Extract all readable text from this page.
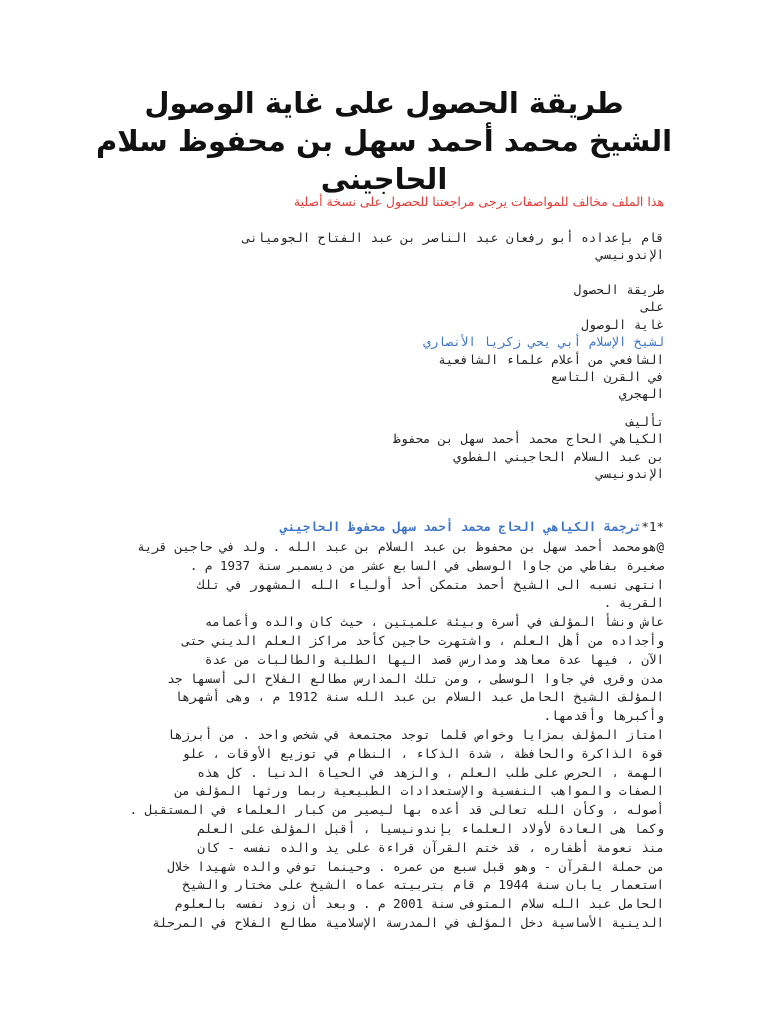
طريقة الحصول على غاية الوصول
الشيخ محمد أحمد سهل بن محفوظ سلام
الحاجينى
هذا الملف مخالف للمواصفات يرجى مراجعتنا للحصول على نسخة أصلية
قام بإعداده أبو رفعان عبد الناصر بن عبد الفتاح الجوميانى
الإندونيسي
طريقة الحصول
على
غاية الوصول
لشيخ الإسلام أبي يحي زكريا الأنصاري
الشافعي من أعلام علماء الشافعية
في القرن التاسع
الهجري
تأليف
الكياهي الحاج محمد أحمد سهل بن محفوظ
بن عبد السلام الحاجيني الفطوي
الإندونيسي
*1*ترجمة الكياهي الحاج محمد أحمد سهل محفوظ الحاجيني
@هومحمد أحمد سهل بن محفوظ بن عبد السلام بن عبد الله . ولد في حاجين قرية
صغيرة بفاطي من جاوا الوسطى في السابع عشر من ديسمبر سنة 1937 م .
انتهى نسبه الى الشيخ أحمد متمكن أحد أولياء الله المشهور في تلك
القرية .
عاش ونشأ المؤلف في أسرة وبيئة علميتين ، حيث كان والده وأعمامه
وأجداده من أهل العلم ، واشتهرت حاجين كأحد مراكز العلم الديني حتى
الآن ، فيها عدة معاهد ومدارس قصد اليها الطلبة والطالبات من عدة
مدن وقرى في جاوا الوسطى ، ومن تلك المدارس مطالع الفلاح الى أسسها جد
المؤلف الشيخ الحامل عبد السلام بن عبد الله سنة 1912 م ، وهى أشهرها
وأكبرها وأقدمها.
امتاز المؤلف بمزايا وخواص قلما توجد مجتمعة في شخص واحد . من أبرزها
قوة الذاكرة والحافظة ، شدة الذكاء ، النظام في توزيع الأوقات ، علو
الهمة ، الحرص على طلب العلم ، والزهد في الحياة الدنيا . كل هذه
الصفات والمواهب النفسية والإستعدادات الطبيعية ربما ورثها المؤلف من
أصوله ، وكأن الله تعالى قد أعده بها ليصير من كبار العلماء في المستقبل .
وكما هى العادة لأولاد العلماء بإندونيسيا ، أقبل المؤلف على العلم
منذ نعومة أظفاره ، قد ختم القرآن قراءة على يد والده نفسه - كان
من حملة القرآن - وهو قبل سبع من عمره . وحينما توفي والده شهيدا خلال
استعمار يابان سنة 1944 م قام بتربيته عماه الشيخ على مختار والشيخ
الحامل عبد الله سلام المتوفى سنة 2001 م . وبعد أن زود نفسه بالعلوم
الدينية الأساسية دخل المؤلف في المدرسة الإسلامية مطالع الفلاح في المرحلة
